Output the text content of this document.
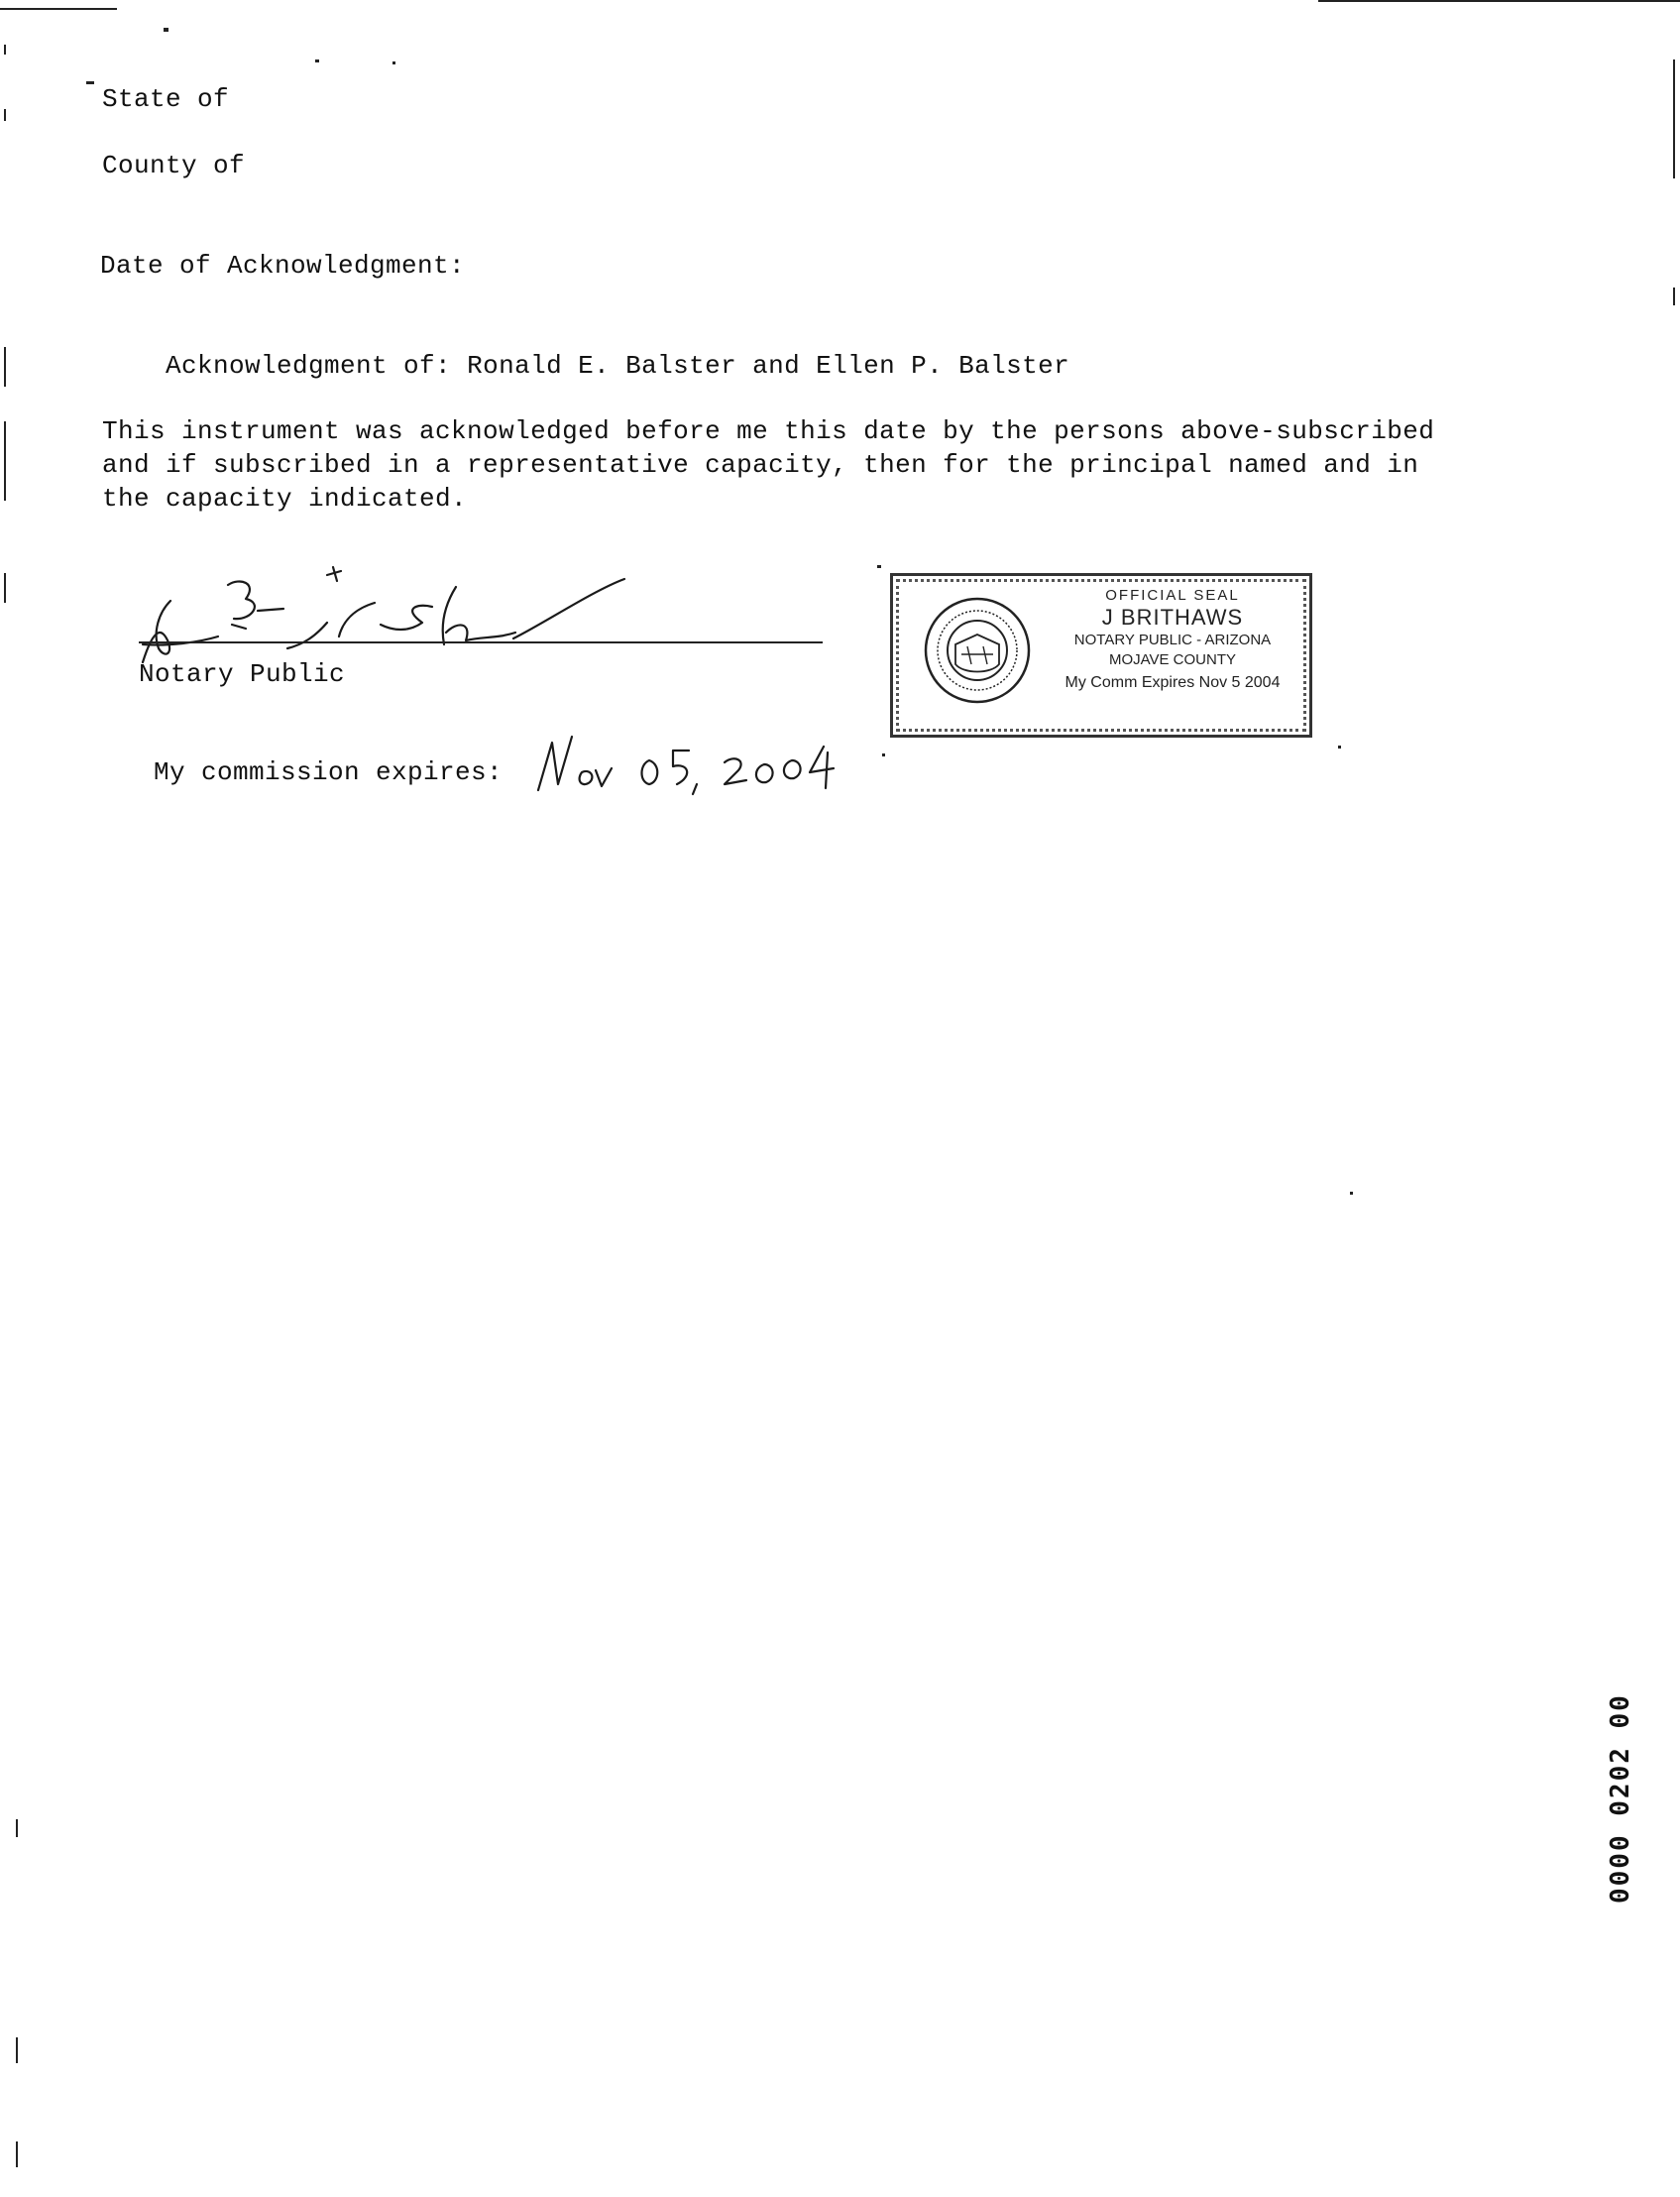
State of
County of
Date of Acknowledgment:

Acknowledgment of: Ronald E. Balster and Ellen P. Balster

This instrument was acknowledged before me this date by the persons above-subscribed
and if subscribed in a representative capacity, then for the principal named and in
the capacity indicated.
Notary Public
My commission expires:
OFFICIAL SEAL
J BRITHAWS
NOTARY PUBLIC - ARIZONA
MOJAVE COUNTY
My Comm Expires Nov 5 2004
0000 0202 00
